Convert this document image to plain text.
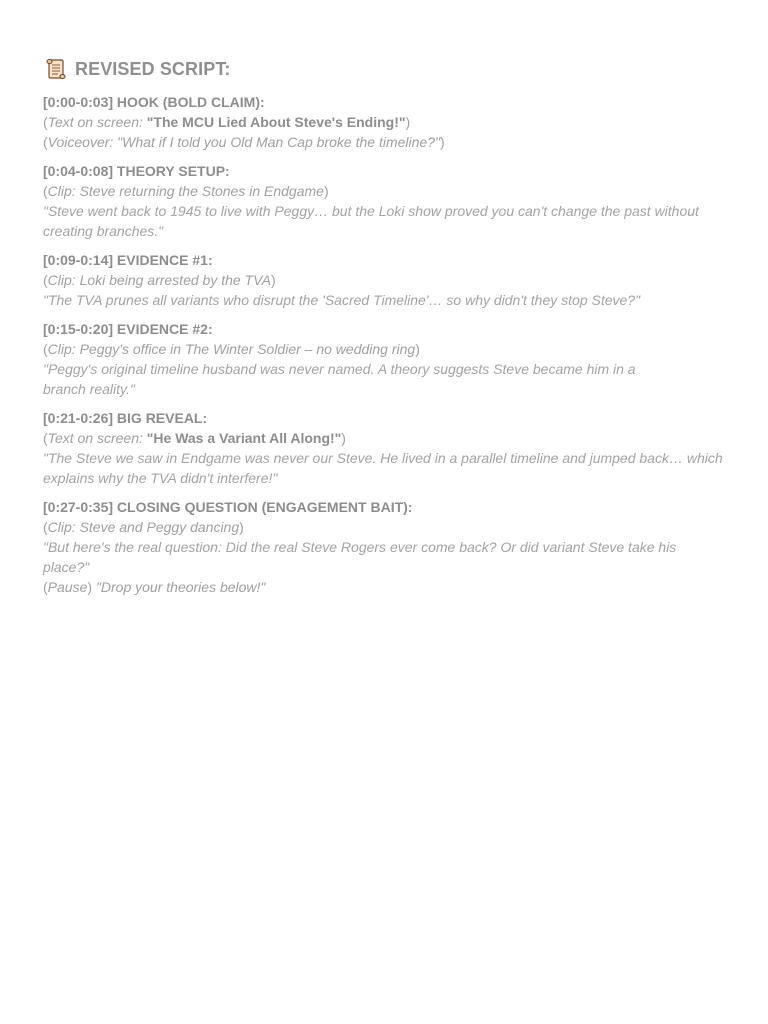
REVISED SCRIPT:
[0:00-0:03] HOOK (BOLD CLAIM):
(Text on screen: "The MCU Lied About Steve's Ending!")
(Voiceover: "What if I told you Old Man Cap broke the timeline?")
[0:04-0:08] THEORY SETUP:
(Clip: Steve returning the Stones in Endgame)
"Steve went back to 1945 to live with Peggy… but the Loki show proved you can't change the past without creating branches."
[0:09-0:14] EVIDENCE #1:
(Clip: Loki being arrested by the TVA)
"The TVA prunes all variants who disrupt the 'Sacred Timeline'… so why didn't they stop Steve?"
[0:15-0:20] EVIDENCE #2:
(Clip: Peggy's office in The Winter Soldier – no wedding ring)
"Peggy's original timeline husband was never named. A theory suggests Steve became him in a branch reality."
[0:21-0:26] BIG REVEAL:
(Text on screen: "He Was a Variant All Along!")
"The Steve we saw in Endgame was never our Steve. He lived in a parallel timeline and jumped back… which explains why the TVA didn't interfere!"
[0:27-0:35] CLOSING QUESTION (ENGAGEMENT BAIT):
(Clip: Steve and Peggy dancing)
"But here's the real question: Did the real Steve Rogers ever come back? Or did variant Steve take his place?"
(Pause) "Drop your theories below!"
